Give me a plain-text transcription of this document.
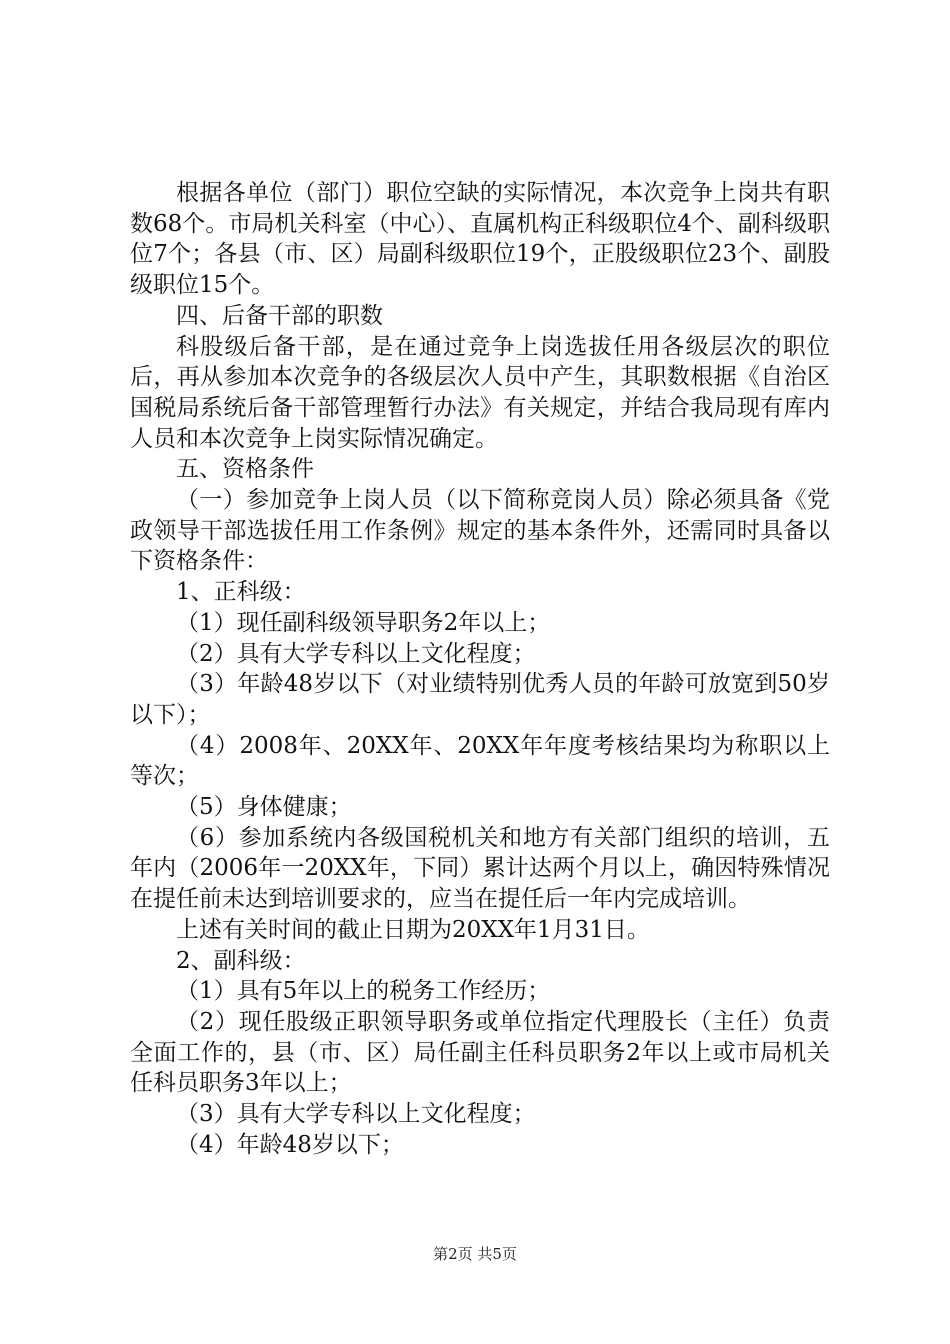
根据各单位（部门）职位空缺的实际情况，本次竞争上岗共有职数68个。市局机关科室（中心）、直属机构正科级职位4个、副科级职位7个；各县（市、区）局副科级职位19个，正股级职位23个、副股级职位15个。

四、后备干部的职数

科股级后备干部，是在通过竞争上岗选拔任用各级层次的职位后，再从参加本次竞争的各级层次人员中产生，其职数根据《自治区国税局系统后备干部管理暂行办法》有关规定，并结合我局现有库内人员和本次竞争上岗实际情况确定。

五、资格条件

（一）参加竞争上岗人员（以下简称竞岗人员）除必须具备《党政领导干部选拔任用工作条例》规定的基本条件外，还需同时具备以下资格条件：

1、正科级：

（1）现任副科级领导职务2年以上；

（2）具有大学专科以上文化程度；

（3）年龄48岁以下（对业绩特别优秀人员的年龄可放宽到50岁以下）；

（4）2008年、20XX年、20XX年年度考核结果均为称职以上等次；

（5）身体健康；

（6）参加系统内各级国税机关和地方有关部门组织的培训，五年内（2006年一20XX年，下同）累计达两个月以上，确因特殊情况在提任前未达到培训要求的，应当在提任后一年内完成培训。

上述有关时间的截止日期为20XX年1月31日。

2、副科级：

（1）具有5年以上的税务工作经历；

（2）现任股级正职领导职务或单位指定代理股长（主任）负责全面工作的，县（市、区）局任副主任科员职务2年以上或市局机关任科员职务3年以上；

（3）具有大学专科以上文化程度；

（4）年龄48岁以下；

第2页 共5页
